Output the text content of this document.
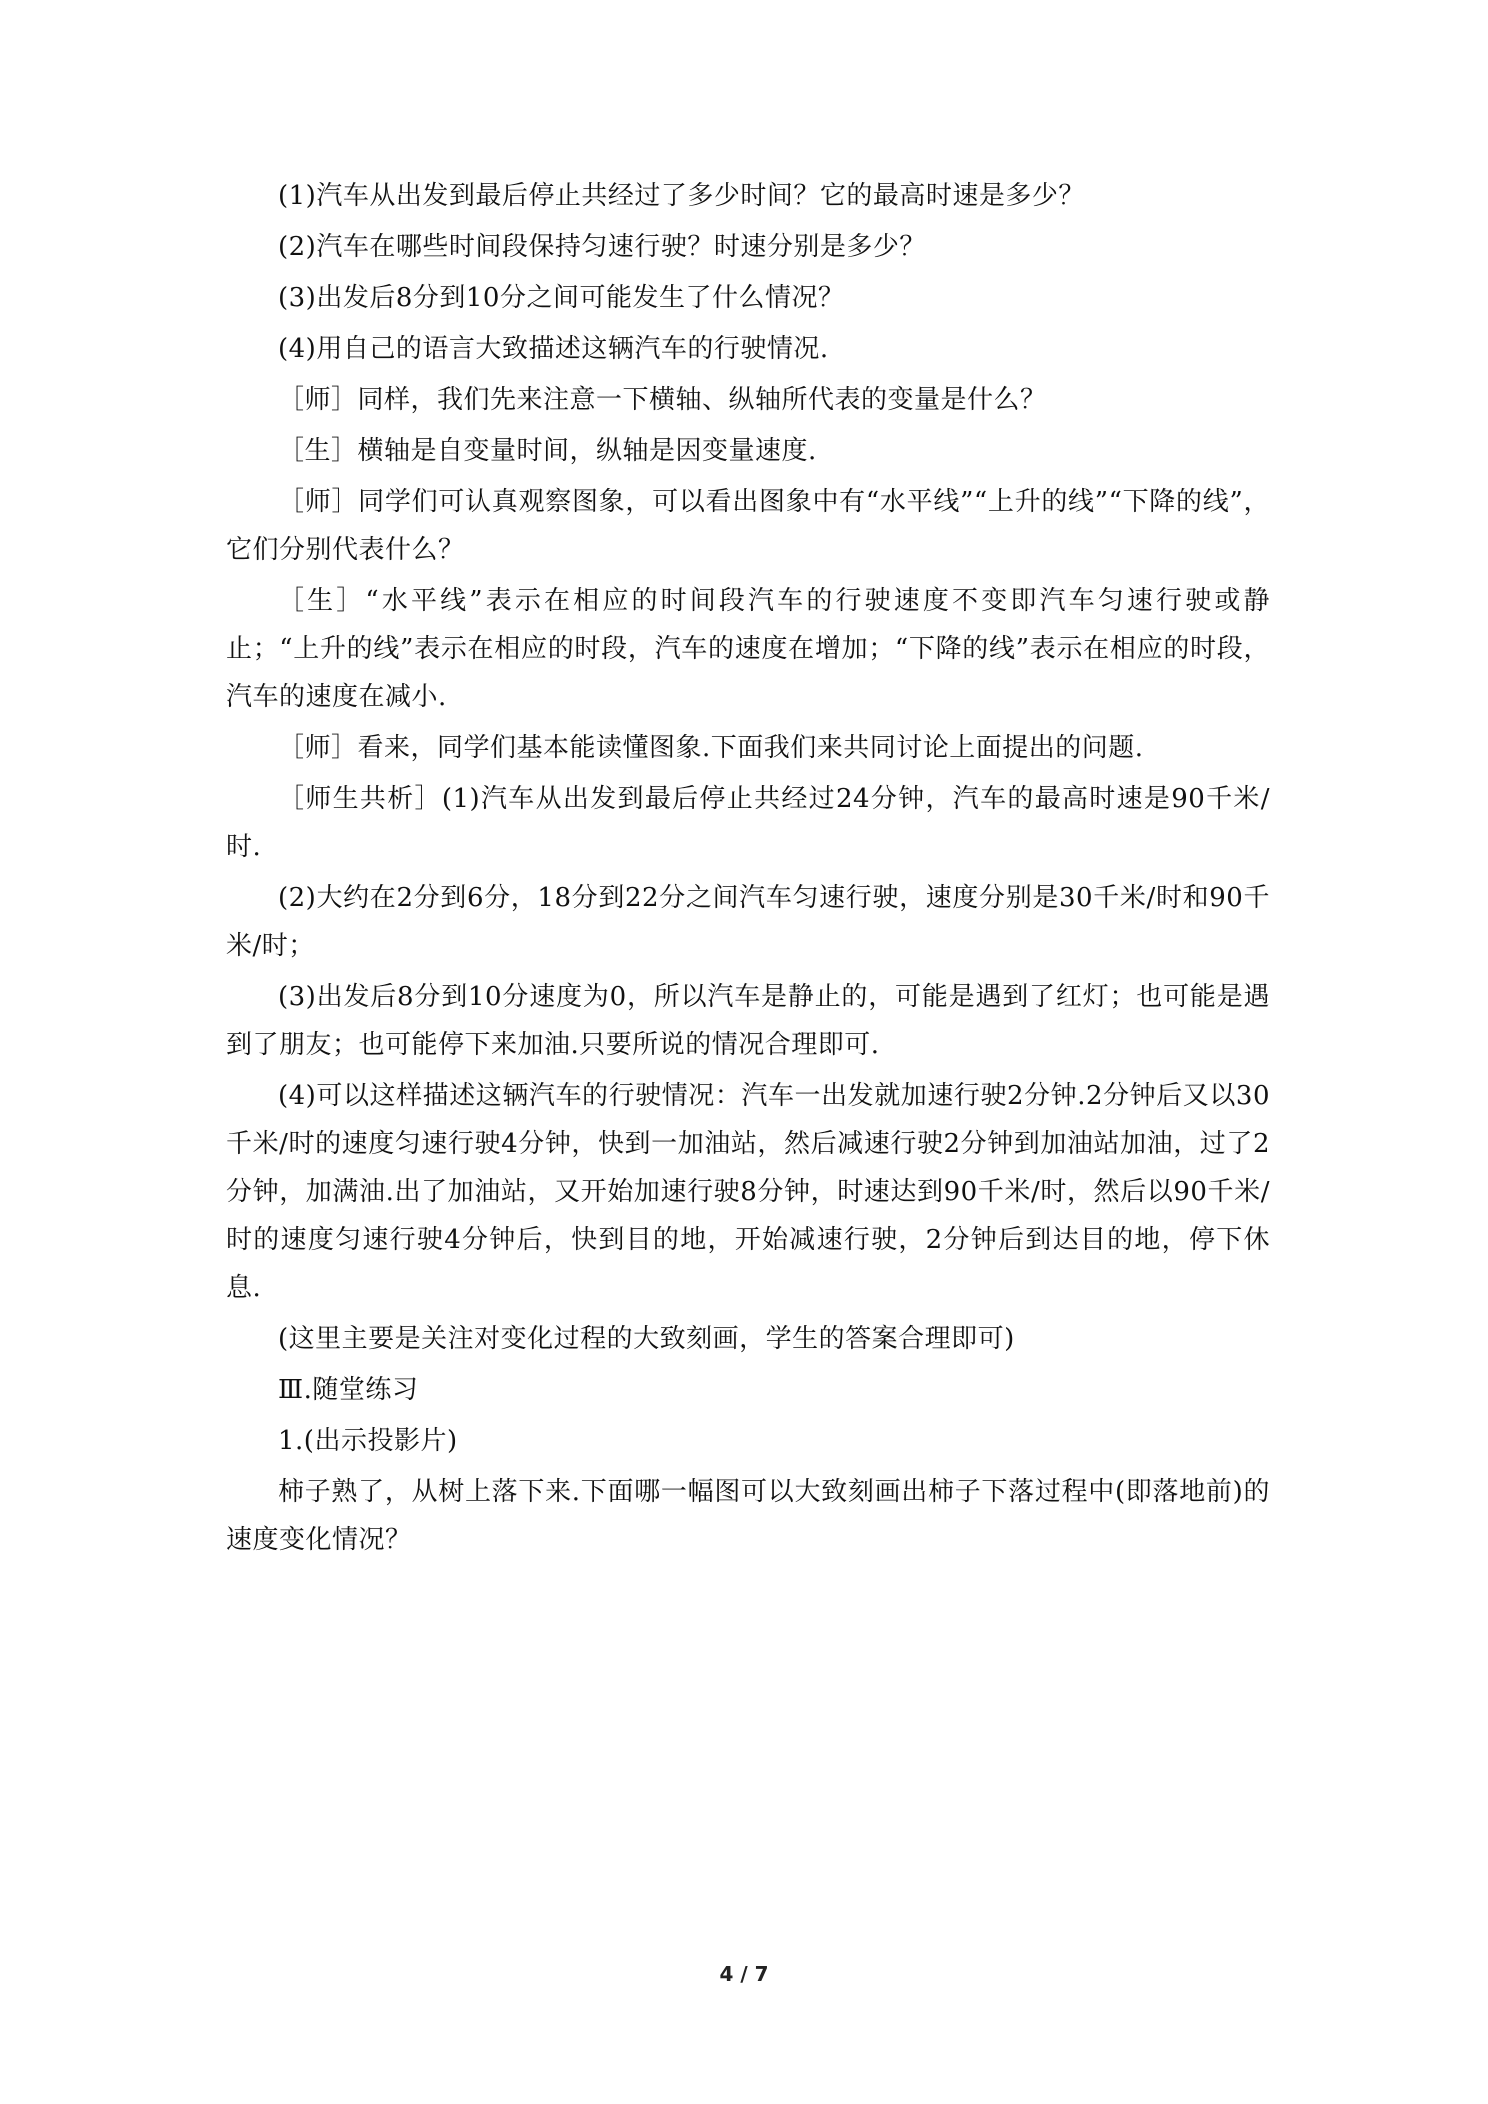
(1)汽车从出发到最后停止共经过了多少时间？它的最高时速是多少？

(2)汽车在哪些时间段保持匀速行驶？时速分别是多少？

(3)出发后8分到10分之间可能发生了什么情况？

(4)用自己的语言大致描述这辆汽车的行驶情况.

［师］同样，我们先来注意一下横轴、纵轴所代表的变量是什么？

［生］横轴是自变量时间，纵轴是因变量速度.

［师］同学们可认真观察图象，可以看出图象中有“水平线”“上升的线”“下降的线”，它们分别代表什么？

［生］“水平线”表示在相应的时间段汽车的行驶速度不变即汽车匀速行驶或静止；“上升的线”表示在相应的时段，汽车的速度在增加；“下降的线”表示在相应的时段，汽车的速度在减小.

［师］看来，同学们基本能读懂图象.下面我们来共同讨论上面提出的问题.

［师生共析］(1)汽车从出发到最后停止共经过24分钟，汽车的最高时速是90千米/时.

(2)大约在2分到6分，18分到22分之间汽车匀速行驶，速度分别是30千米/时和90千米/时；

(3)出发后8分到10分速度为0，所以汽车是静止的，可能是遇到了红灯；也可能是遇到了朋友；也可能停下来加油.只要所说的情况合理即可.

(4)可以这样描述这辆汽车的行驶情况：汽车一出发就加速行驶2分钟.2分钟后又以30千米/时的速度匀速行驶4分钟，快到一加油站，然后减速行驶2分钟到加油站加油，过了2分钟，加满油.出了加油站，又开始加速行驶8分钟，时速达到90千米/时，然后以90千米/时的速度匀速行驶4分钟后，快到目的地，开始减速行驶，2分钟后到达目的地，停下休息.

(这里主要是关注对变化过程的大致刻画，学生的答案合理即可)

Ⅲ.随堂练习

1.(出示投影片)

柿子熟了，从树上落下来.下面哪一幅图可以大致刻画出柿子下落过程中(即落地前)的速度变化情况？

4 / 7
